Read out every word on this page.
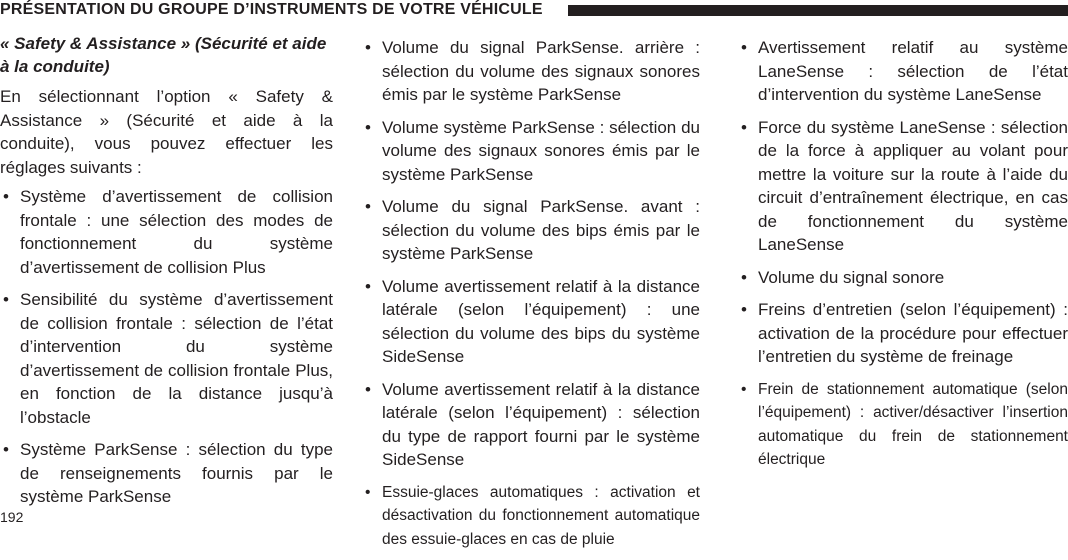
PRÉSENTATION DU GROUPE D’INSTRUMENTS DE VOTRE VÉHICULE
« Safety & Assistance » (Sécurité et aide à la conduite)
En sélectionnant l’option « Safety & Assistance » (Sécurité et aide à la conduite), vous pouvez effectuer les réglages suivants :
• Système d’avertissement de collision frontale : une sélection des modes de fonctionnement du système d’avertissement de collision Plus
• Sensibilité du système d’avertissement de collision frontale : sélection de l’état d’intervention du système d’avertissement de collision frontale Plus, en fonction de la distance jusqu’à l’obstacle
• Système ParkSense : sélection du type de renseignements fournis par le système ParkSense
• Volume du signal ParkSense. arrière : sélection du volume des signaux sonores émis par le système ParkSense
• Volume système ParkSense : sélection du volume des signaux sonores émis par le système ParkSense
• Volume du signal ParkSense. avant : sélection du volume des bips émis par le système ParkSense
• Volume avertissement relatif à la distance latérale (selon l’équipement) : une sélection du volume des bips du système SideSense
• Volume avertissement relatif à la distance latérale (selon l’équipement) : sélection du type de rapport fourni par le système SideSense
• Essuie-glaces automatiques : activation et désactivation du fonctionnement automatique des essuie-glaces en cas de pluie
• Avertissement relatif au système LaneSense : sélection de l’état d’intervention du système LaneSense
• Force du système LaneSense : sélection de la force à appliquer au volant pour mettre la voiture sur la route à l’aide du circuit d’entraînement électrique, en cas de fonctionnement du système LaneSense
• Volume du signal sonore
• Freins d’entretien (selon l’équipement) : activation de la procédure pour effectuer l’entretien du système de freinage
• Frein de stationnement automatique (selon l’équipement) : activer/désactiver l’insertion automatique du frein de stationnement électrique
192
